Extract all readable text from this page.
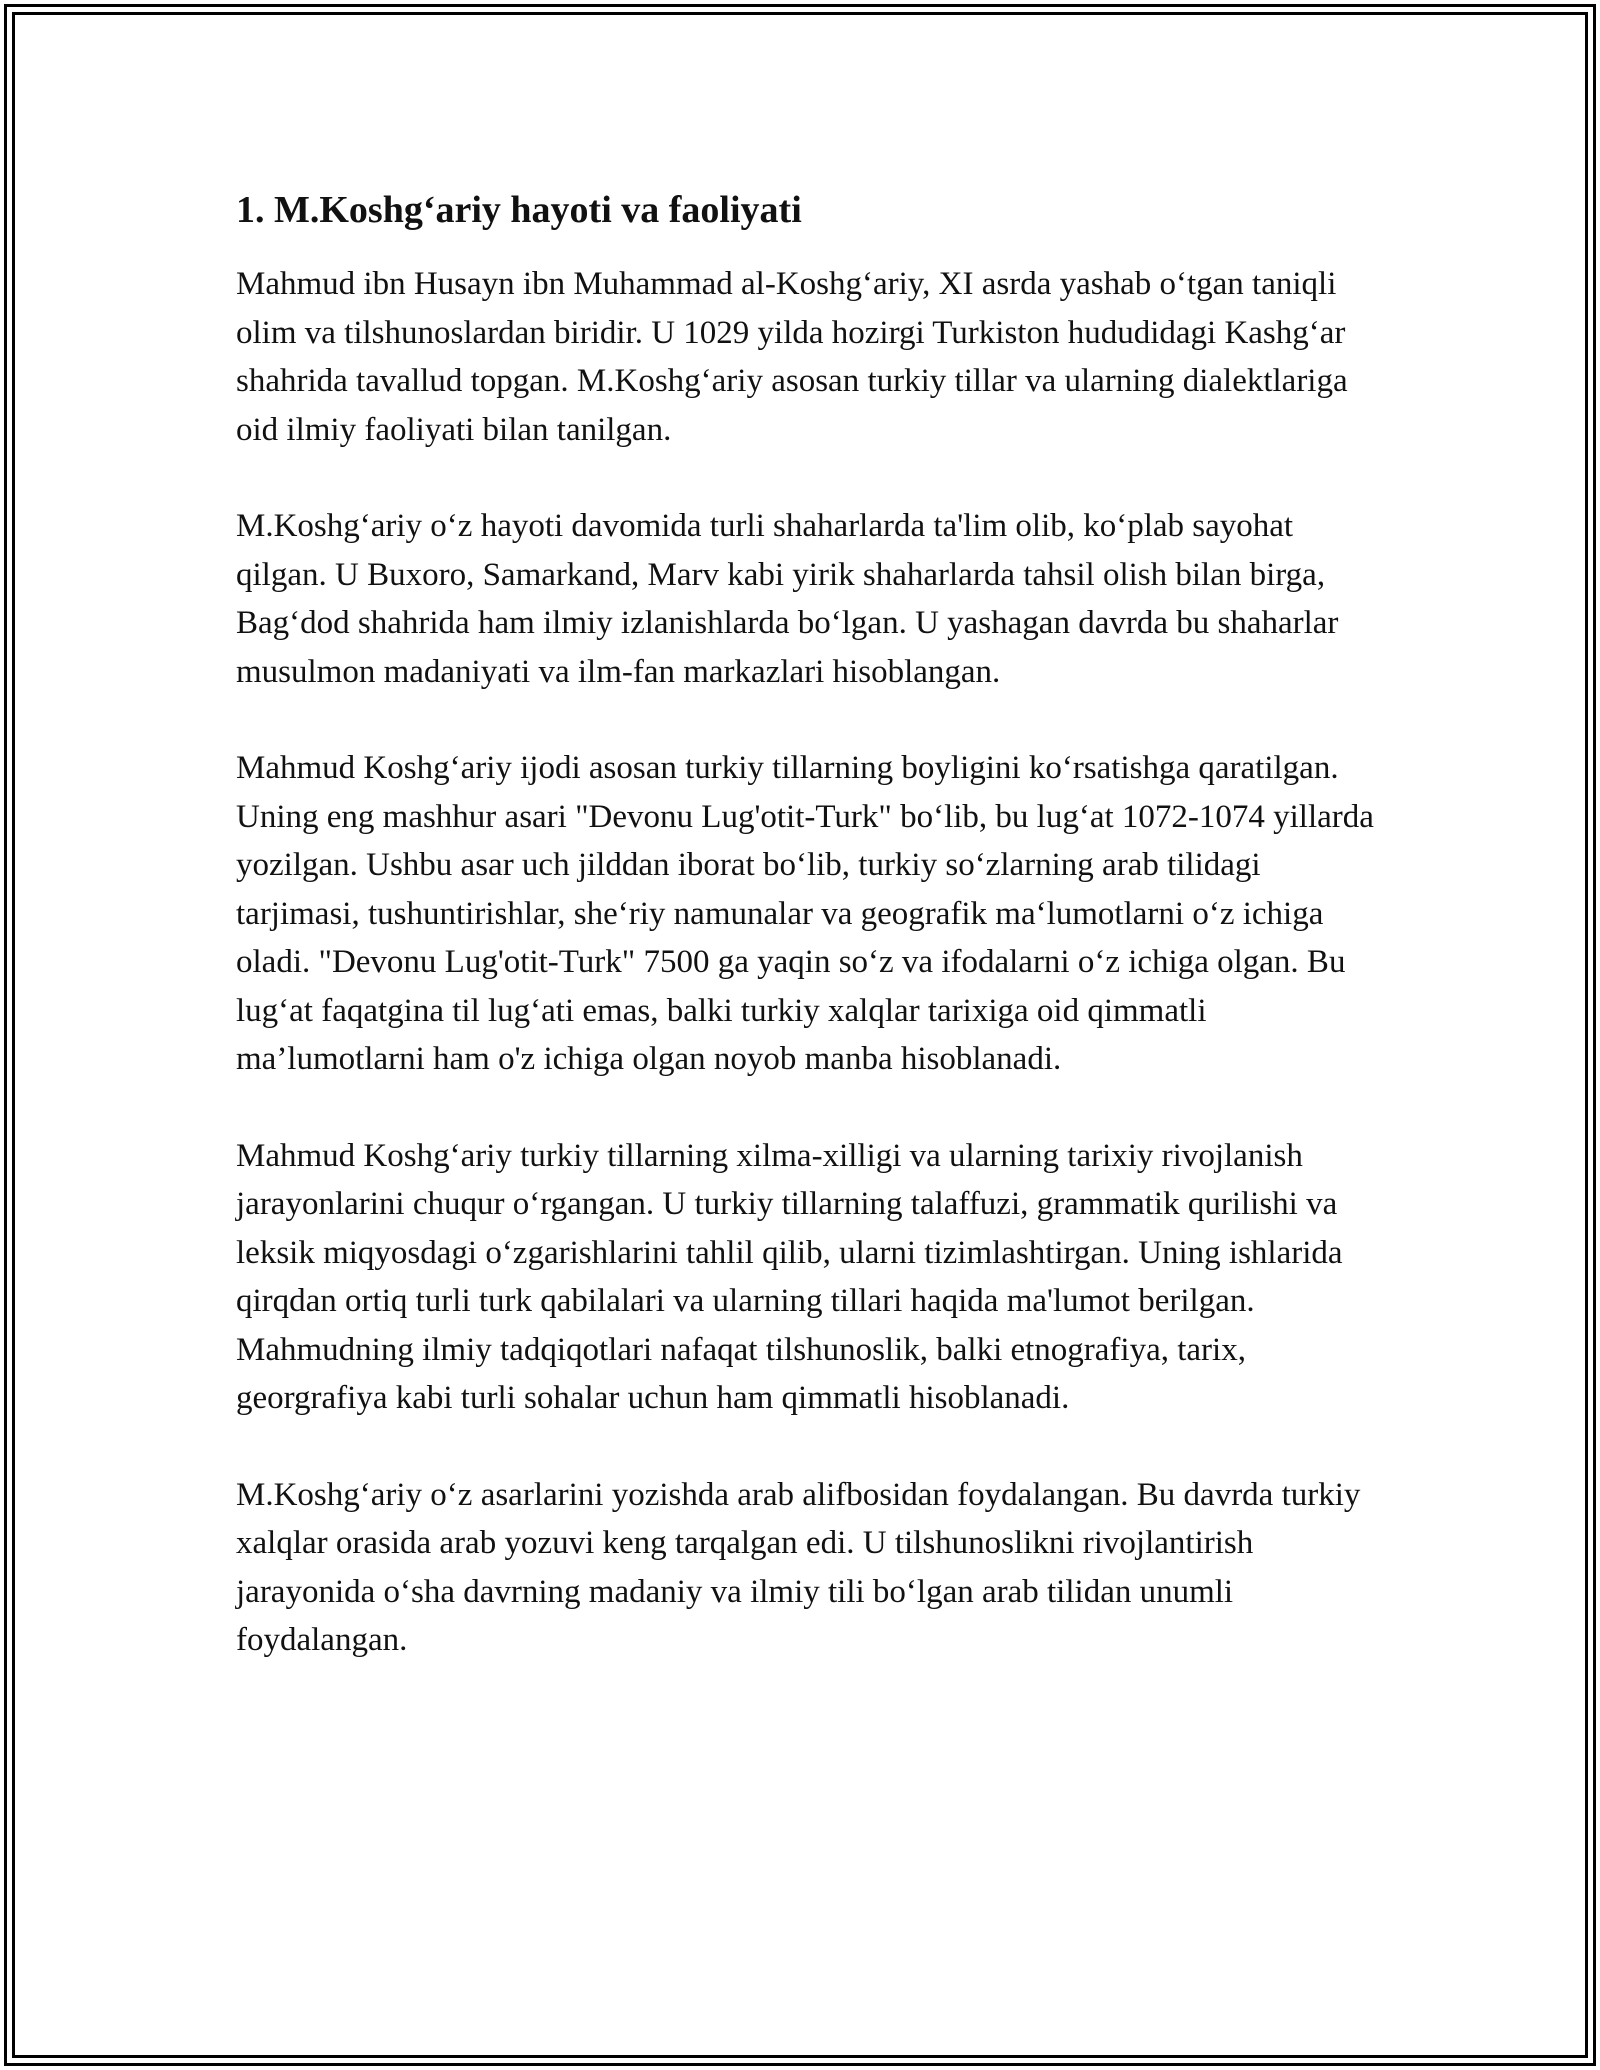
1. M.Koshg‘ariy hayoti va faoliyati

Mahmud ibn Husayn ibn Muhammad al-Koshg‘ariy, XI asrda yashab o‘tgan taniqli olim va tilshunoslardan biridir. U 1029 yilda hozirgi Turkiston hududidagi Kashg‘ar shahrida tavallud topgan. M.Koshg‘ariy asosan turkiy tillar va ularning dialektlariga oid ilmiy faoliyati bilan tanilgan.

M.Koshg‘ariy o‘z hayoti davomida turli shaharlarda ta'lim olib, ko‘plab sayohat qilgan. U Buxoro, Samarkand, Marv kabi yirik shaharlarda tahsil olish bilan birga, Bag‘dod shahrida ham ilmiy izlanishlarda bo‘lgan. U yashagan davrda bu shaharlar musulmon madaniyati va ilm-fan markazlari hisoblangan.

Mahmud Koshg‘ariy ijodi asosan turkiy tillarning boyligini ko‘rsatishga qaratilgan. Uning eng mashhur asari "Devonu Lug'otit-Turk" bo‘lib, bu lug‘at 1072-1074 yillarda yozilgan. Ushbu asar uch jilddan iborat bo‘lib, turkiy so‘zlarning arab tilidagi tarjimasi, tushuntirishlar, she‘riy namunalar va geografik ma‘lumotlarni o‘z ichiga oladi. "Devonu Lug'otit-Turk" 7500 ga yaqin so‘z va ifodalarni o‘z ichiga olgan. Bu lug‘at faqatgina til lug‘ati emas, balki turkiy xalqlar tarixiga oid qimmatli ma’lumotlarni ham o'z ichiga olgan noyob manba hisoblanadi.

Mahmud Koshg‘ariy turkiy tillarning xilma-xilligi va ularning tarixiy rivojlanish jarayonlarini chuqur o‘rgangan. U turkiy tillarning talaffuzi, grammatik qurilishi va leksik miqyosdagi o‘zgarishlarini tahlil qilib, ularni tizimlashtirgan. Uning ishlarida qirqdan ortiq turli turk qabilalari va ularning tillari haqida ma'lumot berilgan. Mahmudning ilmiy tadqiqotlari nafaqat tilshunoslik, balki etnografiya, tarix, georgrafiya kabi turli sohalar uchun ham qimmatli hisoblanadi.

M.Koshg‘ariy o‘z asarlarini yozishda arab alifbosidan foydalangan. Bu davrda turkiy xalqlar orasida arab yozuvi keng tarqalgan edi. U tilshunoslikni rivojlantirish jarayonida o‘sha davrning madaniy va ilmiy tili bo‘lgan arab tilidan unumli foydalangan.
